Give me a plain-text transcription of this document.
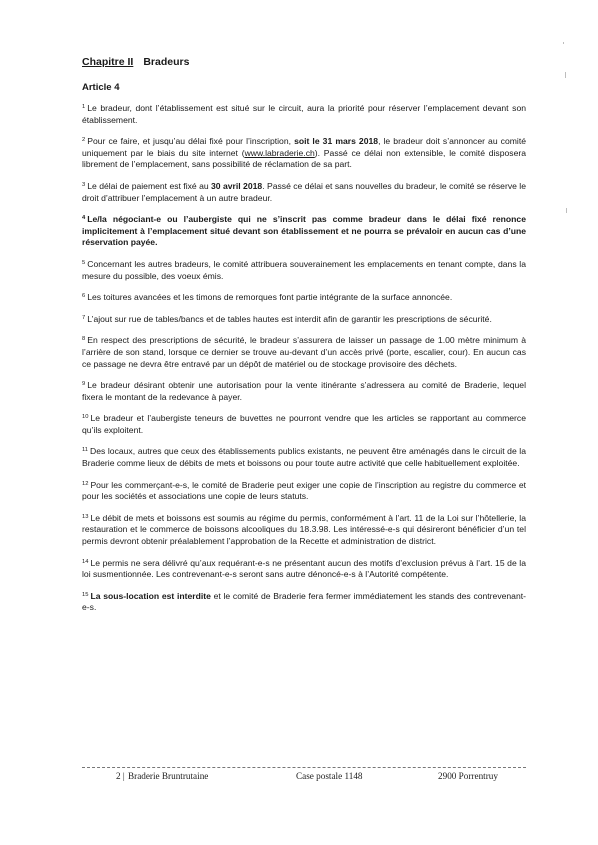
Chapitre II Bradeurs
Article 4

$^1$ Le bradeur, dont l’établissement est situé sur le circuit, aura la priorité pour réserver l’emplacement devant son établissement.

$^2$ Pour ce faire, et jusqu’au délai fixé pour l’inscription, soit le 31 mars 2018, le bradeur doit s’annoncer au comité uniquement par le biais du site internet (www.labraderie.ch). Passé ce délai non extensible, le comité disposera librement de l’emplacement, sans possibilité de réclamation de sa part.

$^3$ Le délai de paiement est fixé au 30 avril 2018. Passé ce délai et sans nouvelles du bradeur, le comité se réserve le droit d’attribuer l’emplacement à un autre bradeur.

$^4$ Le/la négociant-e ou l’aubergiste qui ne s’inscrit pas comme bradeur dans le délai fixé renonce implicitement à l’emplacement situé devant son établissement et ne pourra se prévaloir en aucun cas d’une réservation payée.

$^5$ Concernant les autres bradeurs, le comité attribuera souverainement les emplacements en tenant compte, dans la mesure du possible, des voeux émis.

$^6$ Les toitures avancées et les timons de remorques font partie intégrante de la surface annoncée.

$^7$ L’ajout sur rue de tables/bancs et de tables hautes est interdit afin de garantir les prescriptions de sécurité.

$^8$ En respect des prescriptions de sécurité, le bradeur s’assurera de laisser un passage de 1.00 mètre minimum à l’arrière de son stand, lorsque ce dernier se trouve au-devant d’un accès privé (porte, escalier, cour). En aucun cas ce passage ne devra être entravé par un dépôt de matériel ou de stockage provisoire des déchets.

$^9$ Le bradeur désirant obtenir une autorisation pour la vente itinérante s’adressera au comité de Braderie, lequel fixera le montant de la redevance à payer.

$^{10}$ Le bradeur et l’aubergiste teneurs de buvettes ne pourront vendre que les articles se rapportant au commerce qu’ils exploitent.

$^{11}$ Des locaux, autres que ceux des établissements publics existants, ne peuvent être aménagés dans le circuit de la Braderie comme lieux de débits de mets et boissons ou pour toute autre activité que celle habituellement exploitée.

$^{12}$ Pour les commerçant-e-s, le comité de Braderie peut exiger une copie de l’inscription au registre du commerce et pour les sociétés et associations une copie de leurs statuts.

$^{13}$ Le débit de mets et boissons est soumis au régime du permis, conformément à l’art. 11 de la Loi sur l’hôtellerie, la restauration et le commerce de boissons alcooliques du 18.3.98. Les intéressé-e-s qui désireront bénéficier d’un tel permis devront obtenir préalablement l’approbation de la Recette et administration de district.

$^{14}$ Le permis ne sera délivré qu’aux requérant-e-s ne présentant aucun des motifs d’exclusion prévus à l’art. 15 de la loi susmentionnée. Les contrevenant-e-s seront sans autre dénoncé-e-s à l’Autorité compétente.

$^{15}$ La sous-location est interdite et le comité de Braderie fera fermer immédiatement les stands des contrevenant-e-s.

2 | Braderie Bruntrutaine	Case postale 1148	2900 Porrentruy
